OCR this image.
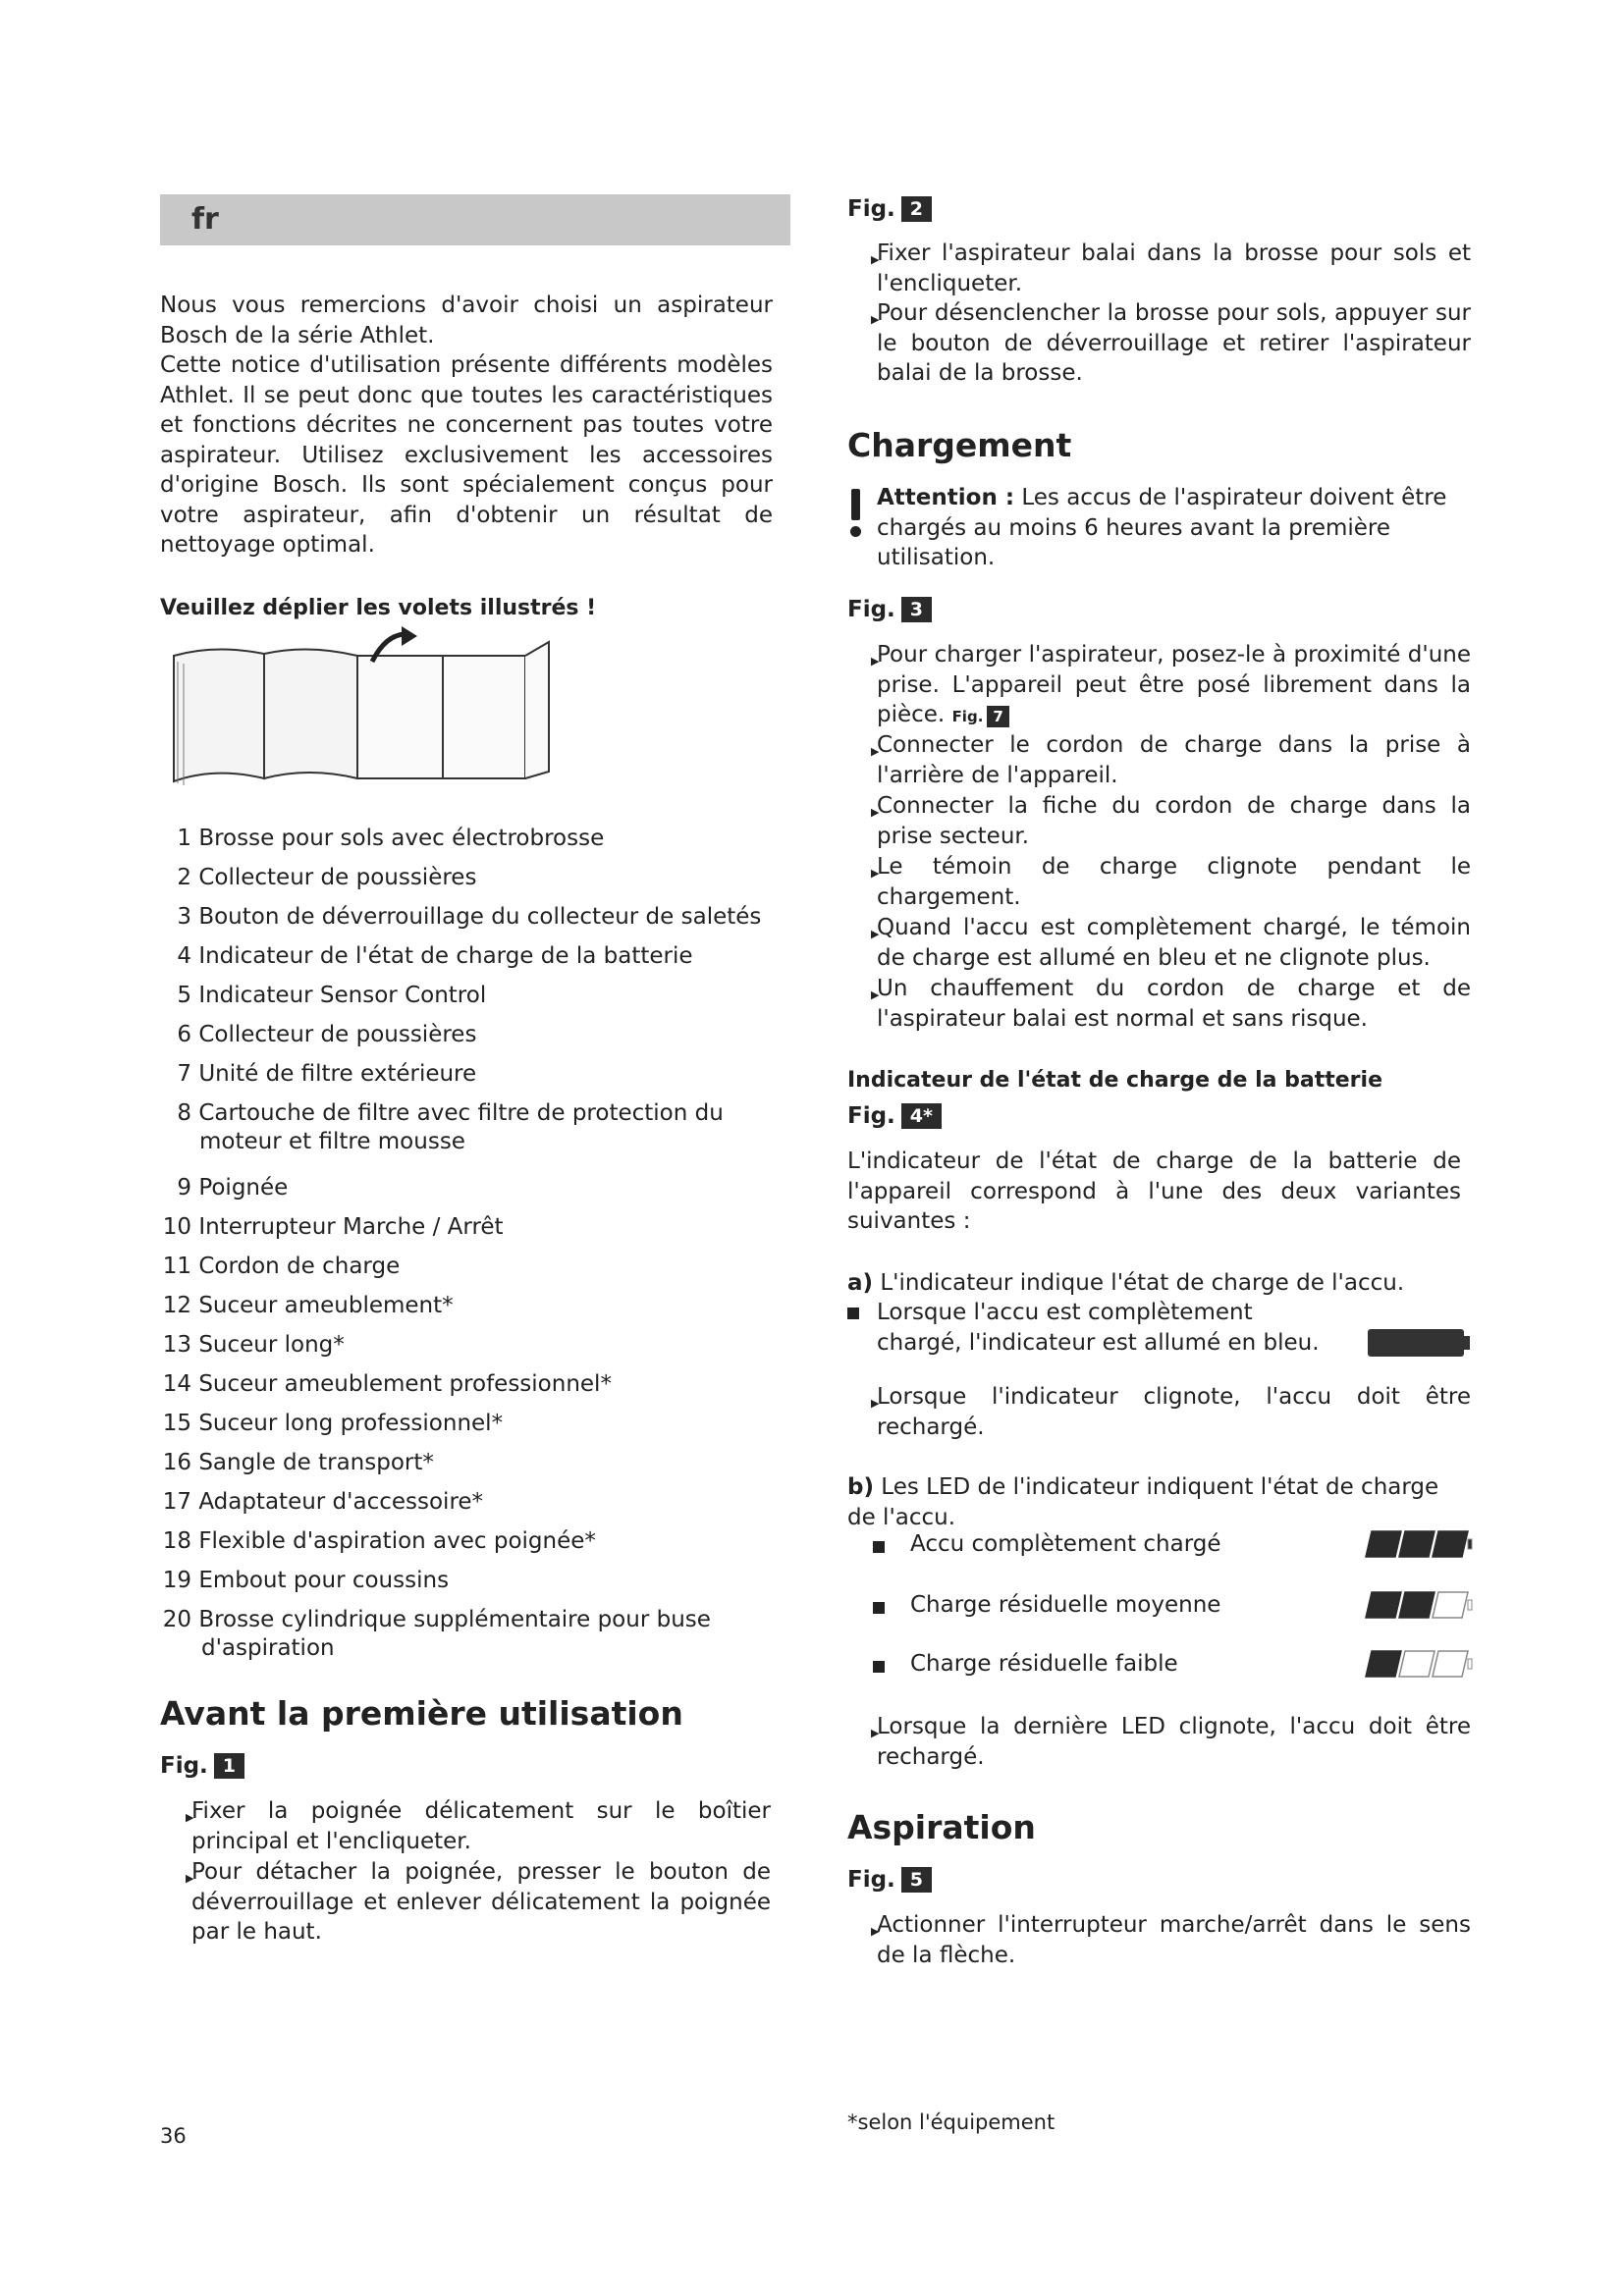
fr
Nous vous remercions d'avoir choisi un aspirateur Bosch de la série Athlet.
Cette notice d'utilisation présente différents modèles Athlet. Il se peut donc que toutes les caractéristiques et fonctions décrites ne concernent pas toutes votre aspirateur. Utilisez exclusivement les accessoires d'origine Bosch. Ils sont spécialement conçus pour votre aspirateur, afin d'obtenir un résultat de nettoyage optimal.
Veuillez déplier les volets illustrés !
1 Brosse pour sols avec électrobrosse
2 Collecteur de poussières
3 Bouton de déverrouillage du collecteur de saletés
4 Indicateur de l'état de charge de la batterie
5 Indicateur Sensor Control
6 Collecteur de poussières
7 Unité de filtre extérieure
8 Cartouche de filtre avec filtre de protection du moteur et filtre mousse
9 Poignée
10 Interrupteur Marche / Arrêt
11 Cordon de charge
12 Suceur ameublement*
13 Suceur long*
14 Suceur ameublement professionnel*
15 Suceur long professionnel*
16 Sangle de transport*
17 Adaptateur d'accessoire*
18 Flexible d'aspiration avec poignée*
19 Embout pour coussins
20 Brosse cylindrique supplémentaire pour buse d'aspiration
Avant la première utilisation
Fig. 1
▶ Fixer la poignée délicatement sur le boîtier principal et l'encliqueter.
▶ Pour détacher la poignée, presser le bouton de déverrouillage et enlever délicatement la poignée par le haut.
36
Fig. 2
▶ Fixer l'aspirateur balai dans la brosse pour sols et l'encliqueter.
▶ Pour désenclencher la brosse pour sols, appuyer sur le bouton de déverrouillage et retirer l'aspirateur balai de la brosse.
Chargement
Attention : Les accus de l'aspirateur doivent être chargés au moins 6 heures avant la première utilisation.
Fig. 3
▶ Pour charger l'aspirateur, posez-le à proximité d'une prise. L'appareil peut être posé librement dans la pièce. Fig. 7
▶ Connecter le cordon de charge dans la prise à l'arrière de l'appareil.
▶ Connecter la fiche du cordon de charge dans la prise secteur.
▶ Le témoin de charge clignote pendant le chargement.
▶ Quand l'accu est complètement chargé, le témoin de charge est allumé en bleu et ne clignote plus.
▶ Un chauffement du cordon de charge et de l'aspirateur balai est normal et sans risque.
Indicateur de l'état de charge de la batterie
Fig. 4*
L'indicateur de l'état de charge de la batterie de l'appareil correspond à l'une des deux variantes suivantes :
a) L'indicateur indique l'état de charge de l'accu.
Lorsque l'accu est complètement chargé, l'indicateur est allumé en bleu.
▶ Lorsque l'indicateur clignote, l'accu doit être rechargé.
b) Les LED de l'indicateur indiquent l'état de charge de l'accu.
Accu complètement chargé
Charge résiduelle moyenne
Charge résiduelle faible
▶ Lorsque la dernière LED clignote, l'accu doit être rechargé.
Aspiration
Fig. 5
▶ Actionner l'interrupteur marche/arrêt dans le sens de la flèche.
*selon l'équipement
